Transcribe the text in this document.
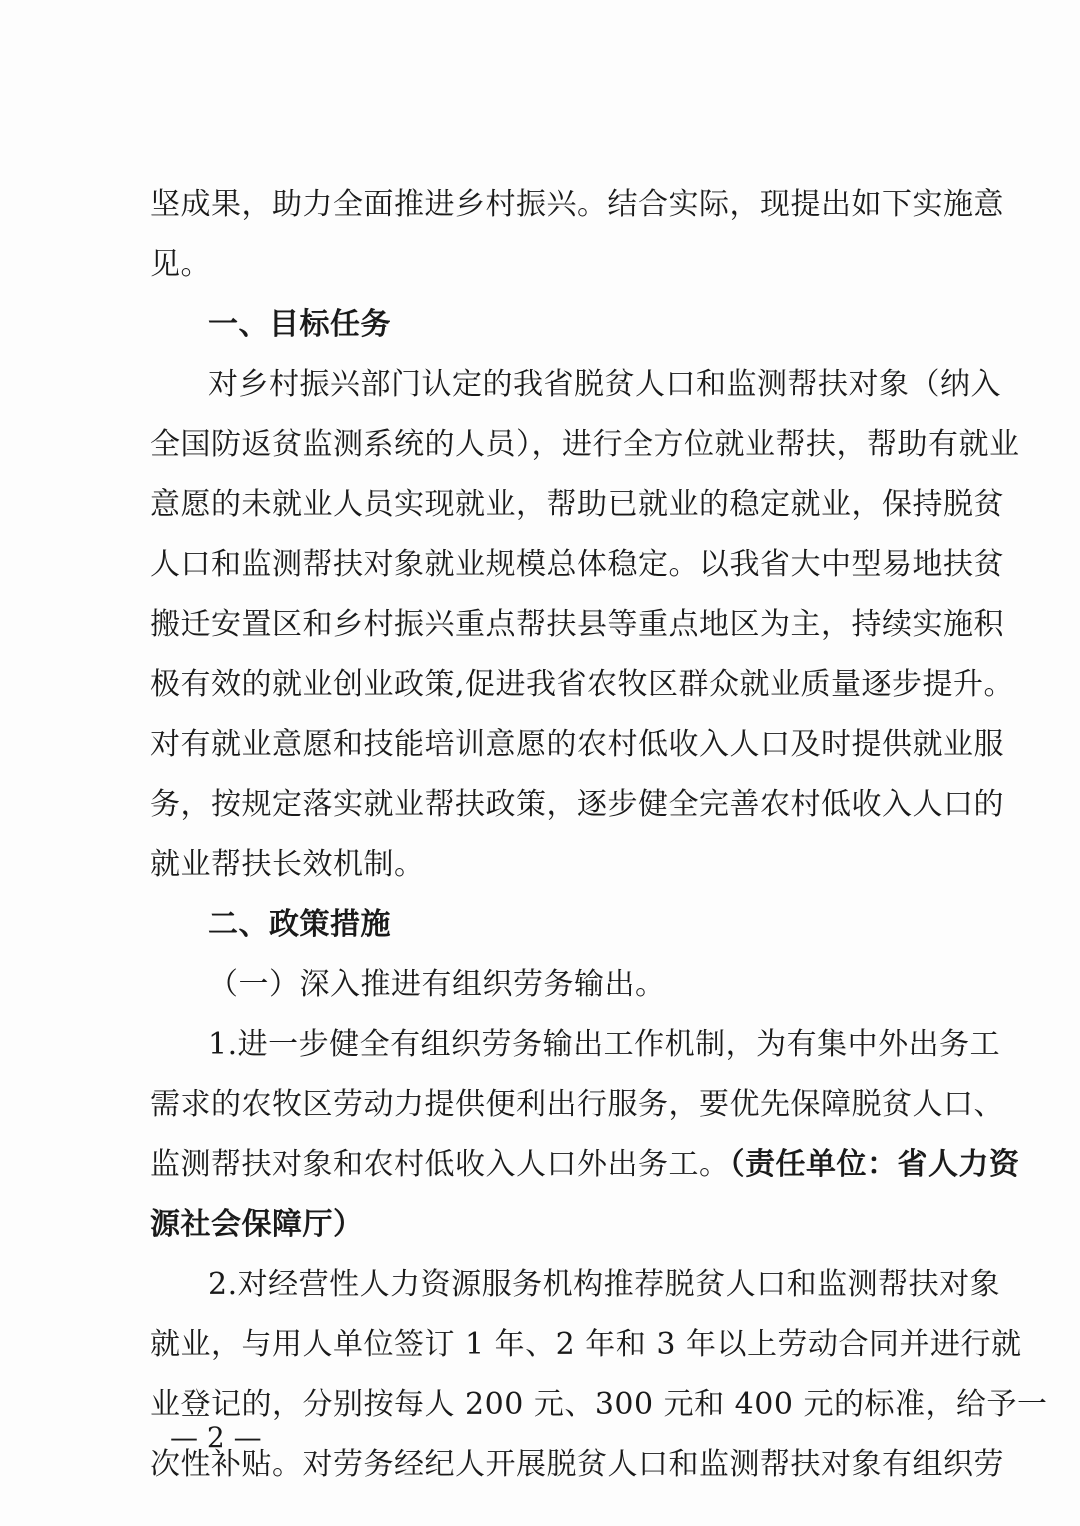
坚成果，助力全面推进乡村振兴。结合实际，现提出如下实施意
见。
一、目标任务
对乡村振兴部门认定的我省脱贫人口和监测帮扶对象（纳入
全国防返贫监测系统的人员），进行全方位就业帮扶，帮助有就业
意愿的未就业人员实现就业，帮助已就业的稳定就业，保持脱贫
人口和监测帮扶对象就业规模总体稳定。以我省大中型易地扶贫
搬迁安置区和乡村振兴重点帮扶县等重点地区为主，持续实施积
极有效的就业创业政策,促进我省农牧区群众就业质量逐步提升。
对有就业意愿和技能培训意愿的农村低收入人口及时提供就业服
务，按规定落实就业帮扶政策，逐步健全完善农村低收入人口的
就业帮扶长效机制。
二、政策措施
（一）深入推进有组织劳务输出。
1.进一步健全有组织劳务输出工作机制，为有集中外出务工
需求的农牧区劳动力提供便利出行服务，要优先保障脱贫人口、
监测帮扶对象和农村低收入人口外出务工。（责任单位：省人力资
源社会保障厅）
2.对经营性人力资源服务机构推荐脱贫人口和监测帮扶对象
就业，与用人单位签订 1 年、2 年和 3 年以上劳动合同并进行就
业登记的，分别按每人 200 元、300 元和 400 元的标准，给予一
次性补贴。对劳务经纪人开展脱贫人口和监测帮扶对象有组织劳
— 2 —
